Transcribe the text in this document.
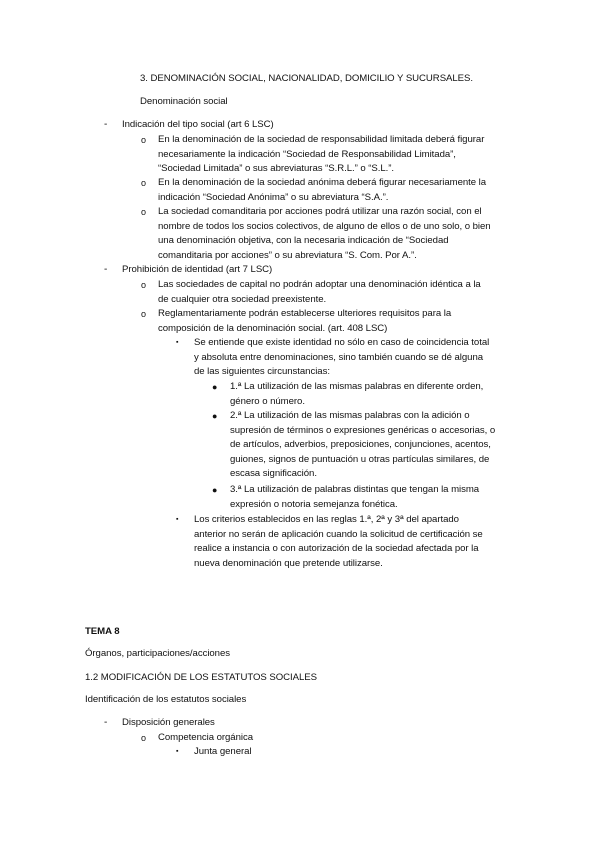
3. DENOMINACIÓN SOCIAL, NACIONALIDAD, DOMICILIO Y SUCURSALES.
Denominación social
- Indicación del tipo social (art 6 LSC)
o En la denominación de la sociedad de responsabilidad limitada deberá figurar
necesariamente la indicación “Sociedad de Responsabilidad Limitada”,
“Sociedad Limitada” o sus abreviaturas “S.R.L.” o “S.L.”.
o En la denominación de la sociedad anónima deberá figurar necesariamente la
indicación “Sociedad Anónima” o su abreviatura “S.A.”.
o La sociedad comanditaria por acciones podrá utilizar una razón social, con el
nombre de todos los socios colectivos, de alguno de ellos o de uno solo, o bien
una denominación objetiva, con la necesaria indicación de “Sociedad
comanditaria por acciones” o su abreviatura “S. Com. Por A.”.
- Prohibición de identidad (art 7 LSC)
o Las sociedades de capital no podrán adoptar una denominación idéntica a la
de cualquier otra sociedad preexistente.
o Reglamentariamente podrán establecerse ulteriores requisitos para la
composición de la denominación social. (art. 408 LSC)
▪ Se entiende que existe identidad no sólo en caso de coincidencia total
y absoluta entre denominaciones, sino también cuando se dé alguna
de las siguientes circunstancias:
● 1.ª La utilización de las mismas palabras en diferente orden,
género o número.
● 2.ª La utilización de las mismas palabras con la adición o
supresión de términos o expresiones genéricas o accesorias, o
de artículos, adverbios, preposiciones, conjunciones, acentos,
guiones, signos de puntuación u otras partículas similares, de
escasa significación.
● 3.ª La utilización de palabras distintas que tengan la misma
expresión o notoria semejanza fonética.
▪ Los criterios establecidos en las reglas 1.ª, 2ª y 3ª del apartado
anterior no serán de aplicación cuando la solicitud de certificación se
realice a instancia o con autorización de la sociedad afectada por la
nueva denominación que pretende utilizarse.
TEMA 8
Órganos, participaciones/acciones
1.2 MODIFICACIÓN DE LOS ESTATUTOS SOCIALES
Identificación de los estatutos sociales
- Disposición generales
o Competencia orgánica
▪ Junta general
